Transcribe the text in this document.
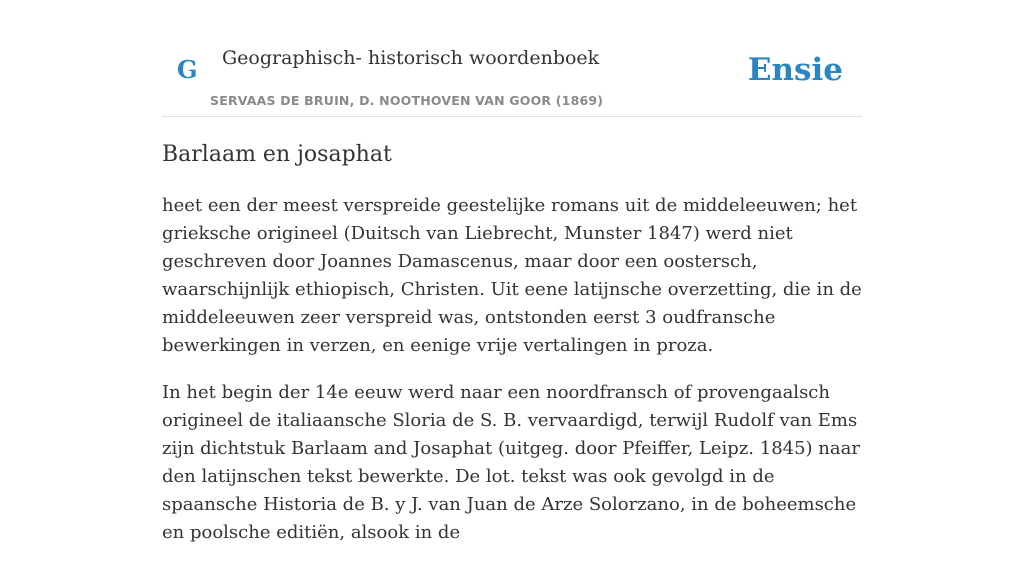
G Geographisch- historisch woordenboek
SERVAAS DE BRUIN, D. NOOTHOVEN VAN GOOR (1869)
Ensie
Barlaam en josaphat

heet een der meest verspreide geestelijke romans uit de middeleeuwen; het grieksche origineel (Duitsch van Liebrecht, Munster 1847) werd niet geschreven door Joannes Damascenus, maar door een oostersch, waarschijnlijk ethiopisch, Christen. Uit eene latijnsche overzetting, die in de middeleeuwen zeer verspreid was, ontstonden eerst 3 oudfransche bewerkingen in verzen, en eenige vrije vertalingen in proza.

In het begin der 14e eeuw werd naar een noordfransch of provengaalsch origineel de italiaansche Sloria de S. B. vervaardigd, terwijl Rudolf van Ems zijn dichtstuk Barlaam and Josaphat (uitgeg. door Pfeiffer, Leipz. 1845) naar den latijnschen tekst bewerkte. De lot. tekst was ook gevolgd in de spaansche Historia de B. y J. van Juan de Arze Solorzano, in de boheemsche en poolsche editiën, alsook in de
